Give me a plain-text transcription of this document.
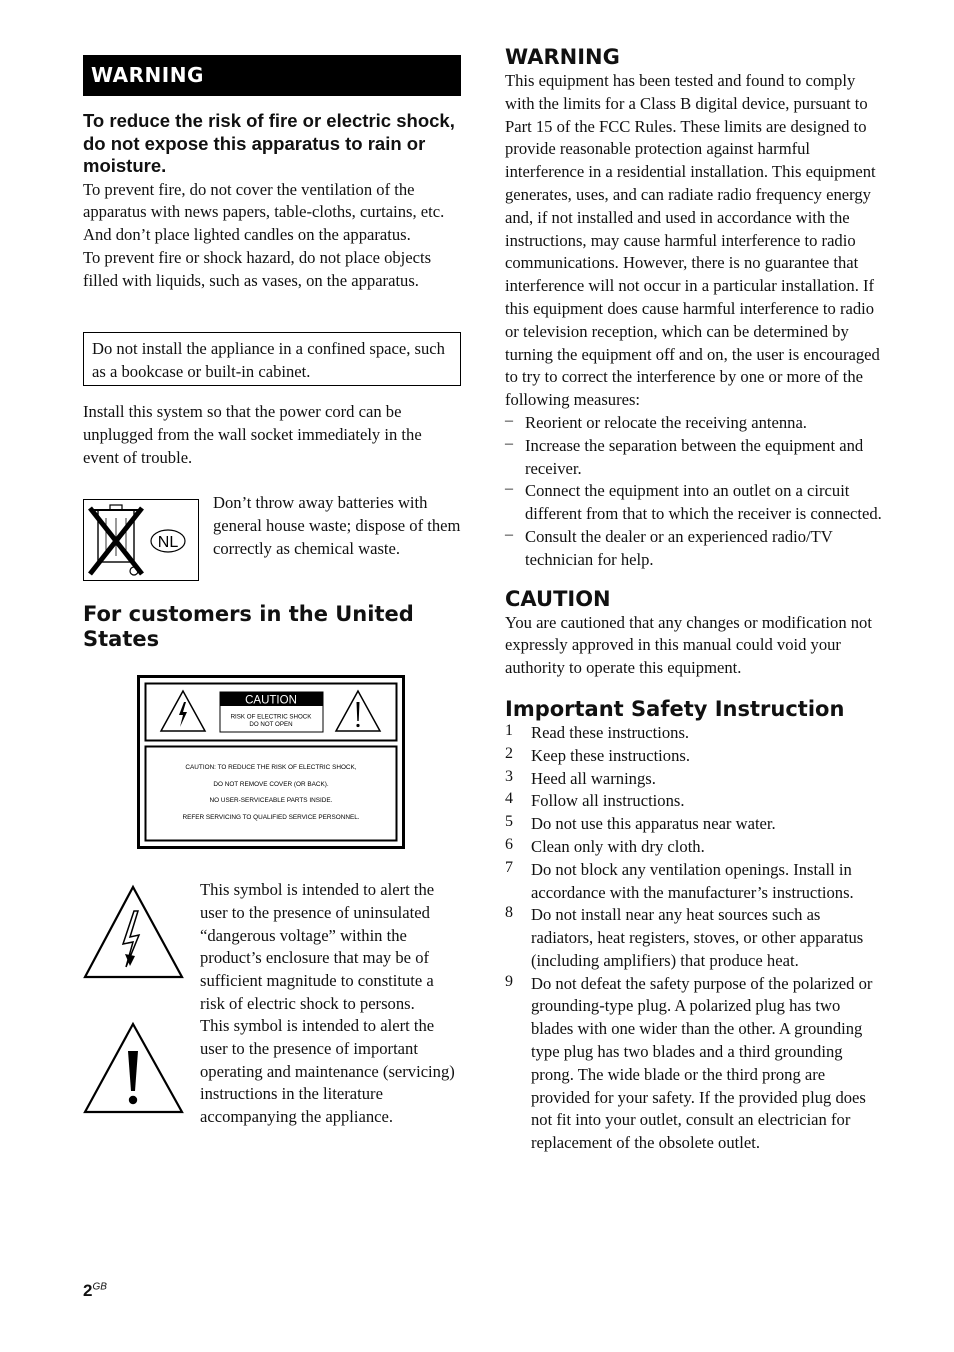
WARNING

To reduce the risk of fire or electric shock, do not expose this apparatus to rain or moisture.

To prevent fire, do not cover the ventilation of the apparatus with news papers, table-cloths, curtains, etc. And don’t place lighted candles on the apparatus.

To prevent fire or shock hazard, do not place objects filled with liquids, such as vases, on the apparatus.

Do not install the appliance in a confined space, such as a bookcase or built-in cabinet.

Install this system so that the power cord can be unplugged from the wall socket immediately in the event of trouble.

NL

Don’t throw away batteries with general house waste; dispose of them correctly as chemical waste.

For customers in the United States

CAUTION
RISK OF ELECTRIC SHOCK
DO NOT OPEN
CAUTION: TO REDUCE THE RISK OF ELECTRIC SHOCK,
DO NOT REMOVE COVER (OR BACK).
NO USER-SERVICEABLE PARTS INSIDE.
REFER SERVICING TO QUALIFIED SERVICE PERSONNEL.

This symbol is intended to alert the user to the presence of uninsulated “dangerous voltage” within the product’s enclosure that may be of sufficient magnitude to constitute a risk of electric shock to persons.

This symbol is intended to alert the user to the presence of important operating and maintenance (servicing) instructions in the literature accompanying the appliance.

WARNING

This equipment has been tested and found to comply with the limits for a Class B digital device, pursuant to Part 15 of the FCC Rules. These limits are designed to provide reasonable protection against harmful interference in a residential installation. This equipment generates, uses, and can radiate radio frequency energy and, if not installed and used in accordance with the instructions, may cause harmful interference to radio communications. However, there is no guarantee that interference will not occur in a particular installation. If this equipment does cause harmful interference to radio or television reception, which can be determined by turning the equipment off and on, the user is encouraged to try to correct the interference by one or more of the following measures:

– Reorient or relocate the receiving antenna.

– Increase the separation between the equipment and receiver.

– Connect the equipment into an outlet on a circuit different from that to which the receiver is connected.

– Consult the dealer or an experienced radio/TV technician for help.

CAUTION

You are cautioned that any changes or modification not expressly approved in this manual could void your authority to operate this equipment.

Important Safety Instruction

1	Read these instructions.

2	Keep these instructions.

3	Heed all warnings.

4	Follow all instructions.

5	Do not use this apparatus near water.

6	Clean only with dry cloth.

7	Do not block any ventilation openings. Install in accordance with the manufacturer’s instructions.

8	Do not install near any heat sources such as radiators, heat registers, stoves, or other apparatus (including amplifiers) that produce heat.

9	Do not defeat the safety purpose of the polarized or grounding-type plug. A polarized plug has two blades with one wider than the other. A grounding type plug has two blades and a third grounding prong. The wide blade or the third prong are provided for your safety. If the provided plug does not fit into your outlet, consult an electrician for replacement of the obsolete outlet.

$2^{GB}$
